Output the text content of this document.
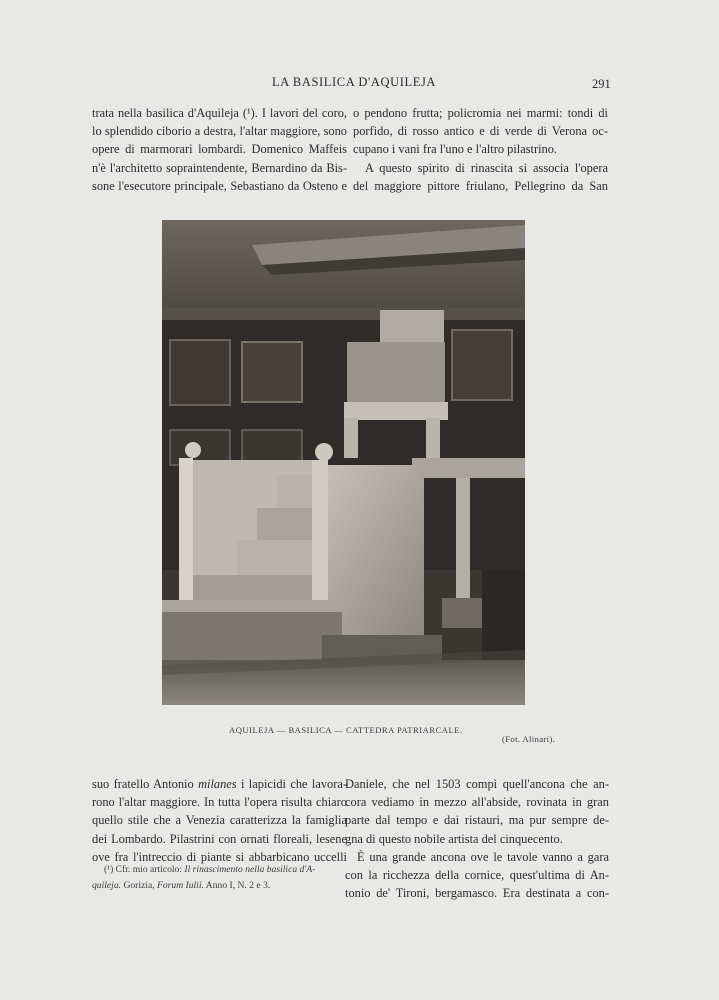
LA BASILICA D'AQUILEJA	291
trata nella basilica d'Aquileja (¹). I lavori del coro,
lo splendido ciborio a destra, l'altar maggiore, sono
opere di marmorari lombardi. Domenico Maffeis
n'è l'architetto sopraintendente, Bernardino da Bis-
sone l'esecutore principale, Sebastiano da Osteno e
o pendono frutta; policromia nei marmi: tondi di
porfido, di rosso antico e di verde di Verona oc-
cupano i vani fra l'uno e l'altro pilastrino.
A questo spirito di rinascita si associa l'opera
del maggiore pittore friulano, Pellegrino da San
AQUILEJA — BASILICA — CATTEDRA PATRIARCALE.
(Fot. Alinari).
suo fratello Antonio milanes i lapicidi che lavora-
rono l'altar maggiore. In tutta l'opera risulta chiaro
quello stile che a Venezia caratterizza la famiglia
dei Lombardo. Pilastrini con ornati floreali, lesene
ove fra l'intreccio di piante si abbarbicano uccelli
(¹) Cfr. mio articolo: Il rinascimento nella basilica d'A-
quileja. Gorizia, Forum Iulii. Anno I, N. 2 e 3.
Daniele, che nel 1503 compì quell'ancona che an-
cora vediamo in mezzo all'abside, rovinata in gran
parte dal tempo e dai ristauri, ma pur sempre de-
gna di questo nobile artista del cinquecento.
È una grande ancona ove le tavole vanno a gara
con la ricchezza della cornice, quest'ultima di An-
tonio de' Tironi, bergamasco. Era destinata a con-
